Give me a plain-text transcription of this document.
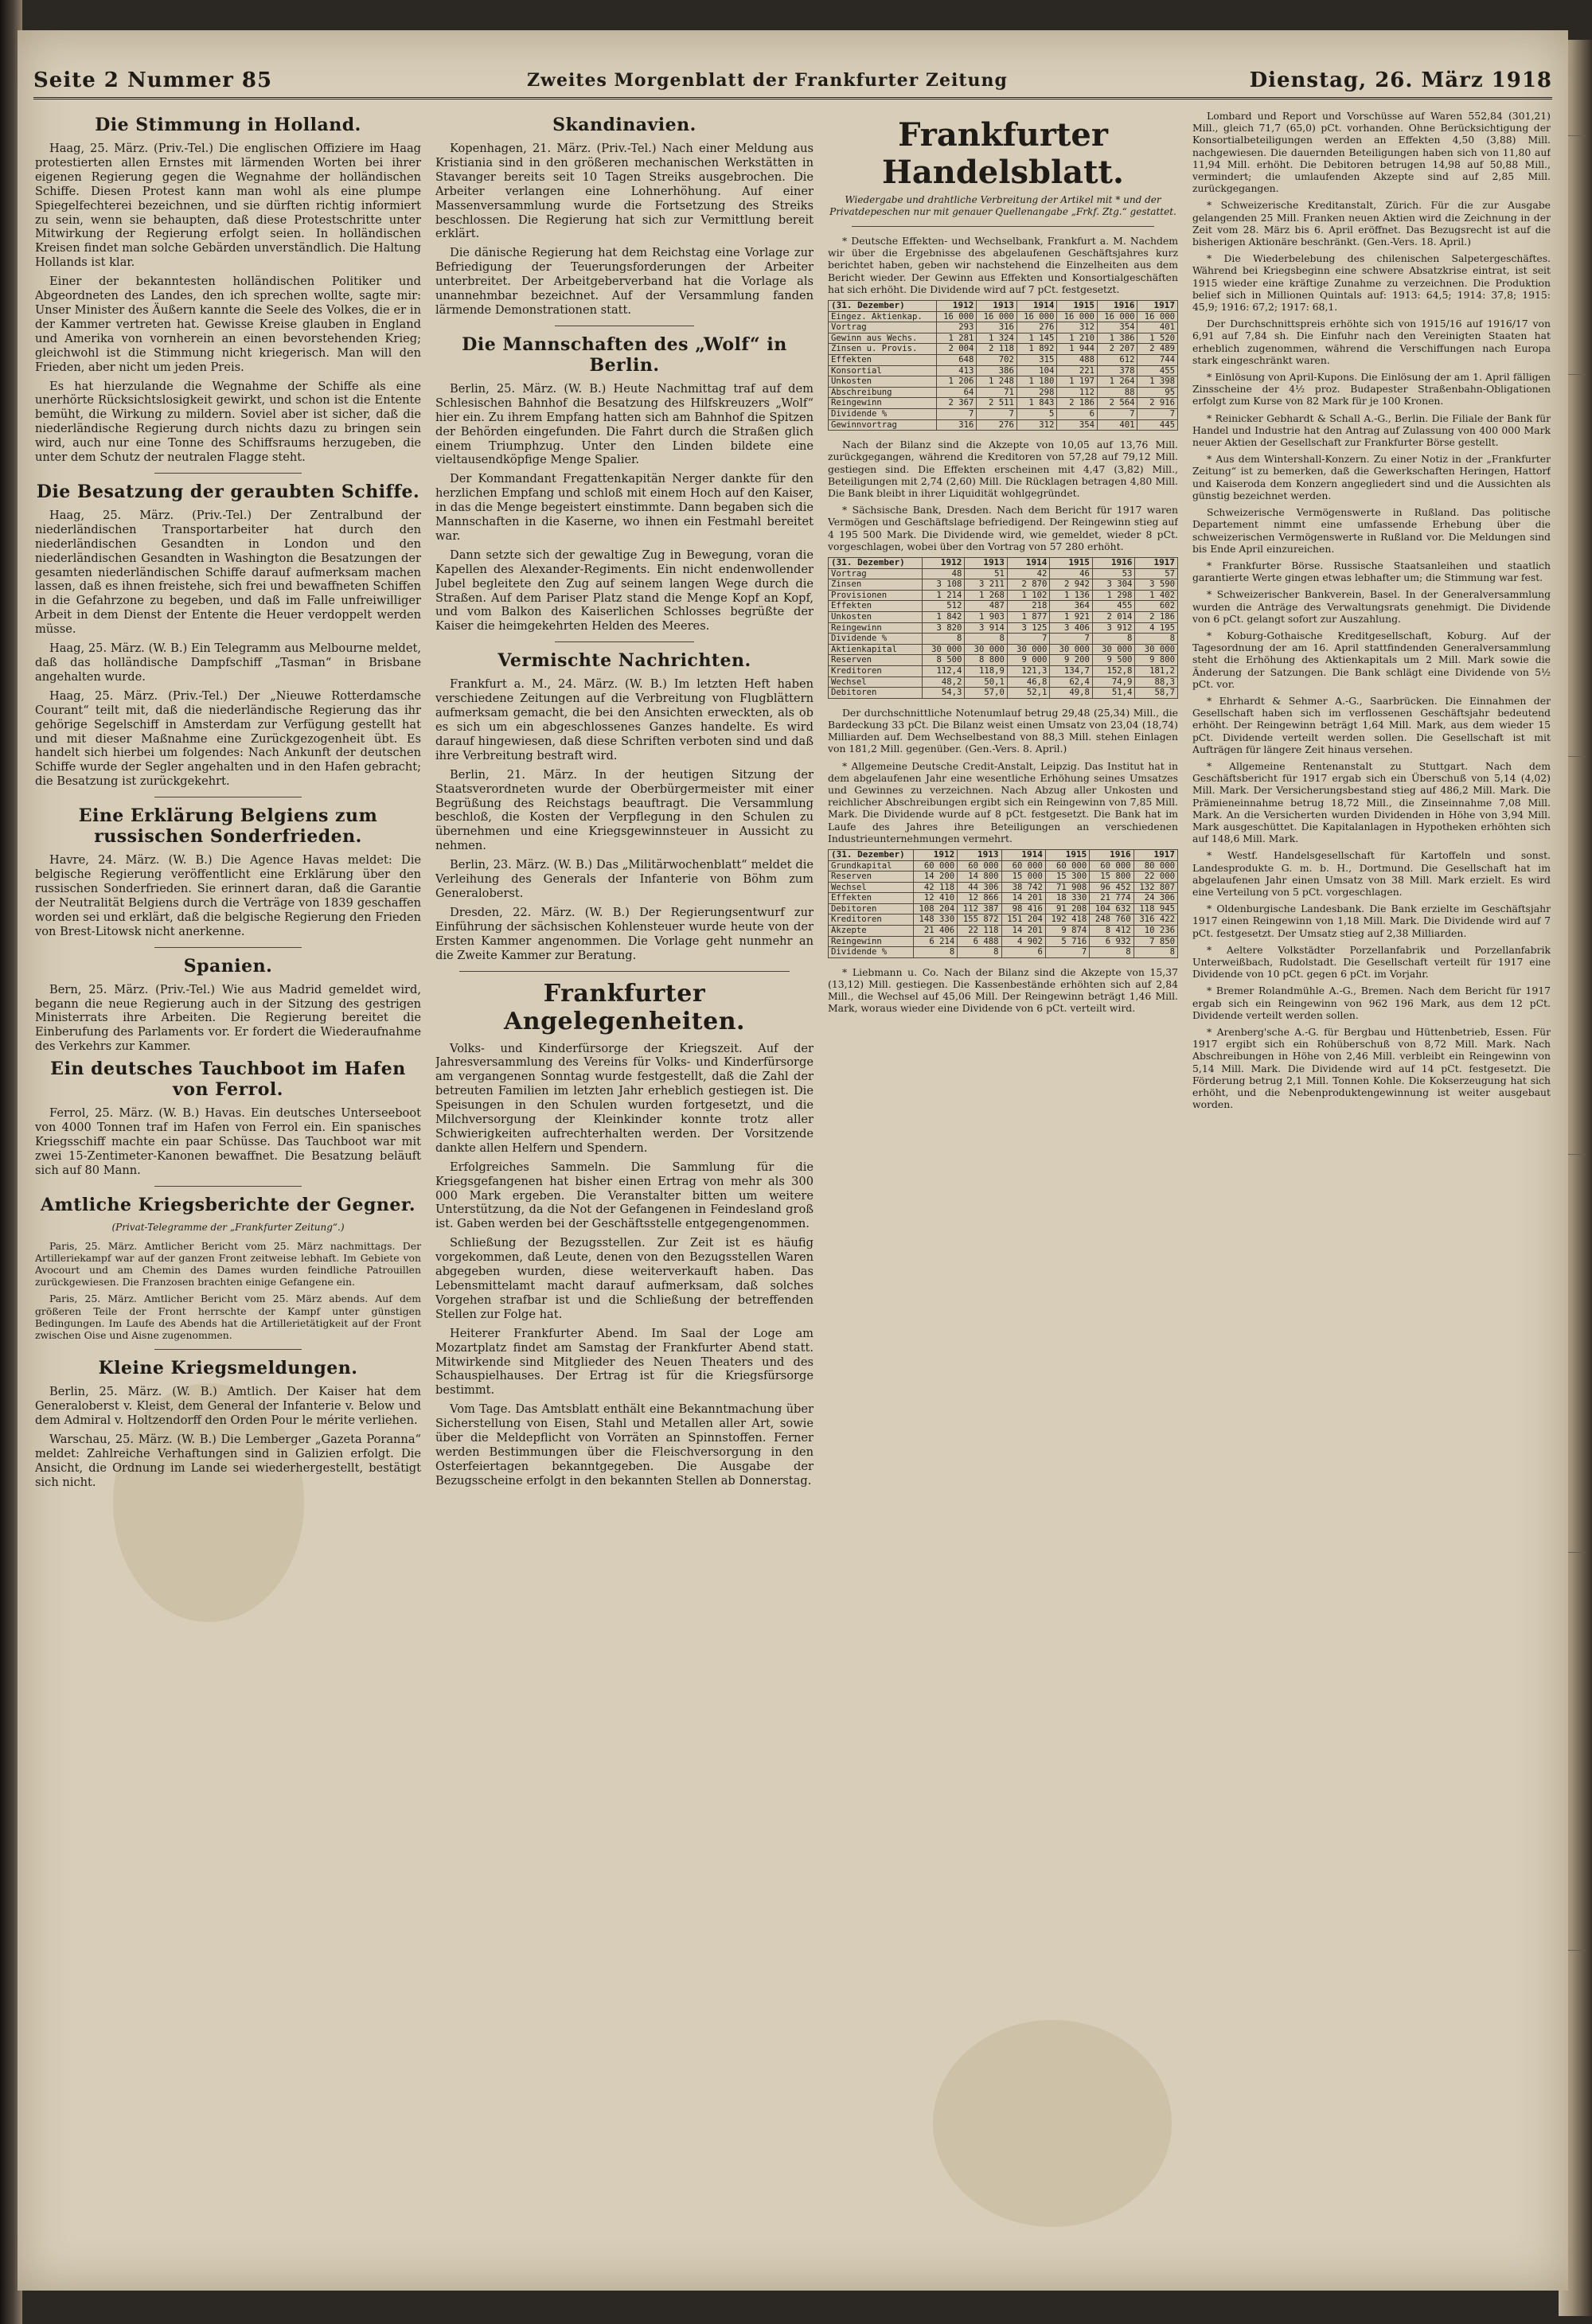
Seite 2 Nummer 85	Zweites Morgenblatt der Frankfurter Zeitung	Dienstag, 26. März 1918
Die Stimmung in Holland.

Haag, 25. März. (Priv.-Tel.) Die englischen Offiziere im Haag protestierten allen Ernstes mit lärmenden Worten bei ihrer eigenen Regierung gegen die Wegnahme der holländischen Schiffe. Diesen Protest kann man wohl als eine plumpe Spiegelfechterei bezeichnen, und sie dürften richtig informiert zu sein, wenn sie behaupten, daß diese Protestschritte unter Mitwirkung der Regierung erfolgt seien. In holländischen Kreisen findet man solche Gebärden unverständlich. Die Haltung Hollands ist klar.

Einer der bekanntesten holländischen Politiker und Abgeordneten des Landes, den ich sprechen wollte, sagte mir: Unser Minister des Äußern kannte die Seele des Volkes, die er in der Kammer vertreten hat. Gewisse Kreise glauben in England und Amerika von vornherein an einen bevorstehenden Krieg; gleichwohl ist die Stimmung nicht kriegerisch. Man will den Frieden, aber nicht um jeden Preis.

Es hat hierzulande die Wegnahme der Schiffe als eine unerhörte Rücksichtslosigkeit gewirkt, und schon ist die Entente bemüht, die Wirkung zu mildern. Soviel aber ist sicher, daß die niederländische Regierung durch nichts dazu zu bringen sein wird, auch nur eine Tonne des Schiffsraums herzugeben, die unter dem Schutz der neutralen Flagge steht.

Die Besatzung der geraubten Schiffe.

Haag, 25. März. (Priv.-Tel.) Der Zentralbund der niederländischen Transportarbeiter hat durch den niederländischen Gesandten in London und den niederländischen Gesandten in Washington die Besatzungen der gesamten niederländischen Schiffe darauf aufmerksam machen lassen, daß es ihnen freistehe, sich frei und bewaffneten Schiffen in die Gefahrzone zu begeben, und daß im Falle unfreiwilliger Arbeit in dem Dienst der Entente die Heuer verdoppelt werden müsse.

Haag, 25. März. (W. B.) Ein Telegramm aus Melbourne meldet, daß das holländische Dampfschiff „Tasman“ in Brisbane angehalten wurde.

Haag, 25. März. (Priv.-Tel.) Der „Nieuwe Rotterdamsche Courant“ teilt mit, daß die niederländische Regierung das ihr gehörige Segelschiff in Amsterdam zur Verfügung gestellt hat und mit dieser Maßnahme eine Zurückgezogenheit übt. Es handelt sich hierbei um folgendes: Nach Ankunft der deutschen Schiffe wurde der Segler angehalten und in den Hafen gebracht; die Besatzung ist zurückgekehrt.

Eine Erklärung Belgiens zum russischen Sonderfrieden.

Havre, 24. März. (W. B.) Die Agence Havas meldet: Die belgische Regierung veröffentlicht eine Erklärung über den russischen Sonderfrieden. Sie erinnert daran, daß die Garantie der Neutralität Belgiens durch die Verträge von 1839 geschaffen worden sei und erklärt, daß die belgische Regierung den Frieden von Brest-Litowsk nicht anerkenne.

Spanien.

Bern, 25. März. (Priv.-Tel.) Wie aus Madrid gemeldet wird, begann die neue Regierung auch in der Sitzung des gestrigen Ministerrats ihre Arbeiten. Die Regierung bereitet die Einberufung des Parlaments vor. Er fordert die Wiederaufnahme des Verkehrs zur Kammer.

Ein deutsches Tauchboot im Hafen von Ferrol.

Ferrol, 25. März. (W. B.) Havas. Ein deutsches Unterseeboot von 4000 Tonnen traf im Hafen von Ferrol ein. Ein spanisches Kriegsschiff machte ein paar Schüsse. Das Tauchboot war mit zwei 15-Zentimeter-Kanonen bewaffnet. Die Besatzung beläuft sich auf 80 Mann.

Amtliche Kriegsberichte der Gegner.
(Privat-Telegramme der „Frankfurter Zeitung“.)

Paris, 25. März. Amtlicher Bericht vom 25. März nachmittags. Der Artilleriekampf war auf der ganzen Front zeitweise lebhaft. Im Gebiete von Avocourt und am Chemin des Dames wurden feindliche Patrouillen zurückgewiesen. Die Franzosen brachten einige Gefangene ein.

Paris, 25. März. Amtlicher Bericht vom 25. März abends. Auf dem größeren Teile der Front herrschte der Kampf unter günstigen Bedingungen. Im Laufe des Abends hat die Artillerietätigkeit auf der Front zwischen Oise und Aisne zugenommen.

Kleine Kriegsmeldungen.

Berlin, 25. März. (W. B.) Amtlich. Der Kaiser hat dem Generaloberst v. Kleist, dem General der Infanterie v. Below und dem Admiral v. Holtzendorff den Orden Pour le mérite verliehen.

Warschau, 25. März. (W. B.) Die Lemberger „Gazeta Poranna“ meldet: Zahlreiche Verhaftungen sind in Galizien erfolgt. Die Ansicht, die Ordnung im Lande sei wiederhergestellt, bestätigt sich nicht.

Skandinavien.

Kopenhagen, 21. März. (Priv.-Tel.) Nach einer Meldung aus Kristiania sind in den größeren mechanischen Werkstätten in Stavanger bereits seit 10 Tagen Streiks ausgebrochen. Die Arbeiter verlangen eine Lohnerhöhung. Auf einer Massenversammlung wurde die Fortsetzung des Streiks beschlossen. Die Regierung hat sich zur Vermittlung bereit erklärt.

Die dänische Regierung hat dem Reichstag eine Vorlage zur Befriedigung der Teuerungsforderungen der Arbeiter unterbreitet. Der Arbeitgeberverband hat die Vorlage als unannehmbar bezeichnet. Auf der Versammlung fanden lärmende Demonstrationen statt.

Die Mannschaften des „Wolf“ in Berlin.

Berlin, 25. März. (W. B.) Heute Nachmittag traf auf dem Schlesischen Bahnhof die Besatzung des Hilfskreuzers „Wolf“ hier ein. Zu ihrem Empfang hatten sich am Bahnhof die Spitzen der Behörden eingefunden. Die Fahrt durch die Straßen glich einem Triumphzug. Unter den Linden bildete eine vieltausendköpfige Menge Spalier.

Der Kommandant Fregattenkapitän Nerger dankte für den herzlichen Empfang und schloß mit einem Hoch auf den Kaiser, in das die Menge begeistert einstimmte. Dann begaben sich die Mannschaften in die Kaserne, wo ihnen ein Festmahl bereitet war.

Dann setzte sich der gewaltige Zug in Bewegung, voran die Kapellen des Alexander-Regiments. Ein nicht endenwollender Jubel begleitete den Zug auf seinem langen Wege durch die Straßen. Auf dem Pariser Platz stand die Menge Kopf an Kopf, und vom Balkon des Kaiserlichen Schlosses begrüßte der Kaiser die heimgekehrten Helden des Meeres.

Vermischte Nachrichten.

Frankfurt a. M., 24. März. (W. B.) Im letzten Heft haben verschiedene Zeitungen auf die Verbreitung von Flugblättern aufmerksam gemacht, die bei den Ansichten erweckten, als ob es sich um ein abgeschlossenes Ganzes handelte. Es wird darauf hingewiesen, daß diese Schriften verboten sind und daß ihre Verbreitung bestraft wird.

Berlin, 21. März. In der heutigen Sitzung der Staatsverordneten wurde der Oberbürgermeister mit einer Begrüßung des Reichstags beauftragt. Die Versammlung beschloß, die Kosten der Verpflegung in den Schulen zu übernehmen und eine Kriegsgewinnsteuer in Aussicht zu nehmen.

Berlin, 23. März. (W. B.) Das „Militärwochenblatt“ meldet die Verleihung des Generals der Infanterie von Böhm zum Generaloberst.

Dresden, 22. März. (W. B.) Der Regierungsentwurf zur Einführung der sächsischen Kohlensteuer wurde heute von der Ersten Kammer angenommen. Die Vorlage geht nunmehr an die Zweite Kammer zur Beratung.

Frankfurter Angelegenheiten.

Volks- und Kinderfürsorge der Kriegszeit. Auf der Jahresversammlung des Vereins für Volks- und Kinderfürsorge am vergangenen Sonntag wurde festgestellt, daß die Zahl der betreuten Familien im letzten Jahr erheblich gestiegen ist. Die Speisungen in den Schulen wurden fortgesetzt, und die Milchversorgung der Kleinkinder konnte trotz aller Schwierigkeiten aufrechterhalten werden. Der Vorsitzende dankte allen Helfern und Spendern.

Erfolgreiches Sammeln. Die Sammlung für die Kriegsgefangenen hat bisher einen Ertrag von mehr als 300 000 Mark ergeben. Die Veranstalter bitten um weitere Unterstützung, da die Not der Gefangenen in Feindesland groß ist. Gaben werden bei der Geschäftsstelle entgegengenommen.

Schließung der Bezugsstellen. Zur Zeit ist es häufig vorgekommen, daß Leute, denen von den Bezugsstellen Waren abgegeben wurden, diese weiterverkauft haben. Das Lebensmittelamt macht darauf aufmerksam, daß solches Vorgehen strafbar ist und die Schließung der betreffenden Stellen zur Folge hat.

Heiterer Frankfurter Abend. Im Saal der Loge am Mozartplatz findet am Samstag der Frankfurter Abend statt. Mitwirkende sind Mitglieder des Neuen Theaters und des Schauspielhauses. Der Ertrag ist für die Kriegsfürsorge bestimmt.

Vom Tage. Das Amtsblatt enthält eine Bekanntmachung über Sicherstellung von Eisen, Stahl und Metallen aller Art, sowie über die Meldepflicht von Vorräten an Spinnstoffen. Ferner werden Bestimmungen über die Fleischversorgung in den Osterfeiertagen bekanntgegeben. Die Ausgabe der Bezugsscheine erfolgt in den bekannten Stellen ab Donnerstag.

Frankfurter Handelsblatt.
Wiedergabe und drahtliche Verbreitung der Artikel mit * und der Privatdepeschen nur mit genauer Quellenangabe „Frkf. Ztg.“ gestattet.

* Deutsche Effekten- und Wechselbank, Frankfurt a. M. Nachdem wir über die Ergebnisse des abgelaufenen Geschäftsjahres kurz berichtet haben, geben wir nachstehend die Einzelheiten aus dem Bericht wieder. Der Gewinn aus Effekten und Konsortialgeschäften hat sich erhöht. Die Dividende wird auf 7 pCt. festgesetzt.

(31. Dezember)	1912	1913	1914	1915	1916	1917
Eingez. Aktienkap.	16 000	16 000	16 000	16 000	16 000	16 000
Vortrag	293	316	276	312	354	401
Gewinn aus Wechs.	1 281	1 324	1 145	1 210	1 386	1 520
Zinsen u. Provis.	2 004	2 118	1 892	1 944	2 207	2 489
Effekten	648	702	315	488	612	744
Konsortial	413	386	104	221	378	455
Unkosten	1 206	1 248	1 180	1 197	1 264	1 398
Abschreibung	64	71	298	112	88	95
Reingewinn	2 367	2 511	1 843	2 186	2 564	2 916
Dividende %	7	7	5	6	7	7
Gewinnvortrag	316	276	312	354	401	445

Nach der Bilanz sind die Akzepte von 10,05 auf 13,76 Mill. zurückgegangen, während die Kreditoren von 57,28 auf 79,12 Mill. gestiegen sind. Die Effekten erscheinen mit 4,47 (3,82) Mill., Beteiligungen mit 2,74 (2,60) Mill. Die Rücklagen betragen 4,80 Mill. Die Bank bleibt in ihrer Liquidität wohlgegründet.

* Sächsische Bank, Dresden. Nach dem Bericht für 1917 waren Vermögen und Geschäftslage befriedigend. Der Reingewinn stieg auf 4 195 500 Mark. Die Dividende wird, wie gemeldet, wieder 8 pCt. vorgeschlagen, wobei über den Vortrag von 57 280 erhöht.

(31. Dezember)	1912	1913	1914	1915	1916	1917
Vortrag	48	51	42	46	53	57
Zinsen	3 108	3 211	2 870	2 942	3 304	3 590
Provisionen	1 214	1 268	1 102	1 136	1 298	1 402
Effekten	512	487	218	364	455	602
Unkosten	1 842	1 903	1 877	1 921	2 014	2 186
Reingewinn	3 820	3 914	3 125	3 406	3 912	4 195
Dividende %	8	8	7	7	8	8
Aktienkapital	30 000	30 000	30 000	30 000	30 000	30 000
Reserven	8 500	8 800	9 000	9 200	9 500	9 800
Kreditoren	112,4	118,9	121,3	134,7	152,8	181,2
Wechsel	48,2	50,1	46,8	62,4	74,9	88,3
Debitoren	54,3	57,0	52,1	49,8	51,4	58,7

Der durchschnittliche Notenumlauf betrug 29,48 (25,34) Mill., die Bardeckung 33 pCt. Die Bilanz weist einen Umsatz von 23,04 (18,74) Milliarden auf. Dem Wechselbestand von 88,3 Mill. stehen Einlagen von 181,2 Mill. gegenüber. (Gen.-Vers. 8. April.)

* Allgemeine Deutsche Credit-Anstalt, Leipzig. Das Institut hat in dem abgelaufenen Jahr eine wesentliche Erhöhung seines Umsatzes und Gewinnes zu verzeichnen. Nach Abzug aller Unkosten und reichlicher Abschreibungen ergibt sich ein Reingewinn von 7,85 Mill. Mark. Die Dividende wurde auf 8 pCt. festgesetzt. Die Bank hat im Laufe des Jahres ihre Beteiligungen an verschiedenen Industrieunternehmungen vermehrt.

(31. Dezember)	1912	1913	1914	1915	1916	1917
Grundkapital	60 000	60 000	60 000	60 000	60 000	80 000
Reserven	14 200	14 800	15 000	15 300	15 800	22 000
Wechsel	42 118	44 306	38 742	71 908	96 452	132 807
Effekten	12 410	12 866	14 201	18 330	21 774	24 306
Debitoren	108 204	112 387	98 416	91 208	104 632	118 945
Kreditoren	148 330	155 872	151 204	192 418	248 760	316 422
Akzepte	21 406	22 118	14 201	9 874	8 412	10 236
Reingewinn	6 214	6 488	4 902	5 716	6 932	7 850
Dividende %	8	8	6	7	8	8

* Liebmann u. Co. Nach der Bilanz sind die Akzepte von 15,37 (13,12) Mill. gestiegen. Die Kassenbestände erhöhten sich auf 2,84 Mill., die Wechsel auf 45,06 Mill. Der Reingewinn beträgt 1,46 Mill. Mark, woraus wieder eine Dividende von 6 pCt. verteilt wird.

Lombard und Report und Vorschüsse auf Waren 552,84 (301,21) Mill., gleich 71,7 (65,0) pCt. vorhanden. Ohne Berücksichtigung der Konsortialbeteiligungen werden an Effekten 4,50 (3,88) Mill. nachgewiesen. Die dauernden Beteiligungen haben sich von 11,80 auf 11,94 Mill. erhöht. Die Debitoren betrugen 14,98 auf 50,88 Mill., vermindert; die umlaufenden Akzepte sind auf 2,85 Mill. zurückgegangen.

* Schweizerische Kreditanstalt, Zürich. Für die zur Ausgabe gelangenden 25 Mill. Franken neuen Aktien wird die Zeichnung in der Zeit vom 28. März bis 6. April eröffnet. Das Bezugsrecht ist auf die bisherigen Aktionäre beschränkt. (Gen.-Vers. 18. April.)

* Die Wiederbelebung des chilenischen Salpetergeschäftes. Während bei Kriegsbeginn eine schwere Absatzkrise eintrat, ist seit 1915 wieder eine kräftige Zunahme zu verzeichnen. Die Produktion belief sich in Millionen Quintals auf: 1913: 64,5; 1914: 37,8; 1915: 45,9; 1916: 67,2; 1917: 68,1.

Der Durchschnittspreis erhöhte sich von 1915/16 auf 1916/17 von 6,91 auf 7,84 sh. Die Einfuhr nach den Vereinigten Staaten hat erheblich zugenommen, während die Verschiffungen nach Europa stark eingeschränkt waren.

* Einlösung von April-Kupons. Die Einlösung der am 1. April fälligen Zinsscheine der 4½ proz. Budapester Straßenbahn-Obligationen erfolgt zum Kurse von 82 Mark für je 100 Kronen.

* Reinicker Gebhardt & Schall A.-G., Berlin. Die Filiale der Bank für Handel und Industrie hat den Antrag auf Zulassung von 400 000 Mark neuer Aktien der Gesellschaft zur Frankfurter Börse gestellt.

* Aus dem Wintershall-Konzern. Zu einer Notiz in der „Frankfurter Zeitung“ ist zu bemerken, daß die Gewerkschaften Heringen, Hattorf und Kaiseroda dem Konzern angegliedert sind und die Aussichten als günstig bezeichnet werden.

Schweizerische Vermögenswerte in Rußland. Das politische Departement nimmt eine umfassende Erhebung über die schweizerischen Vermögenswerte in Rußland vor. Die Meldungen sind bis Ende April einzureichen.

* Frankfurter Börse. Russische Staatsanleihen und staatlich garantierte Werte gingen etwas lebhafter um; die Stimmung war fest.

* Schweizerischer Bankverein, Basel. In der Generalversammlung wurden die Anträge des Verwaltungsrats genehmigt. Die Dividende von 6 pCt. gelangt sofort zur Auszahlung.

* Koburg-Gothaische Kreditgesellschaft, Koburg. Auf der Tagesordnung der am 16. April stattfindenden Generalversammlung steht die Erhöhung des Aktienkapitals um 2 Mill. Mark sowie die Änderung der Satzungen. Die Bank schlägt eine Dividende von 5½ pCt. vor.

* Ehrhardt & Sehmer A.-G., Saarbrücken. Die Einnahmen der Gesellschaft haben sich im verflossenen Geschäftsjahr bedeutend erhöht. Der Reingewinn beträgt 1,64 Mill. Mark, aus dem wieder 15 pCt. Dividende verteilt werden sollen. Die Gesellschaft ist mit Aufträgen für längere Zeit hinaus versehen.

* Allgemeine Rentenanstalt zu Stuttgart. Nach dem Geschäftsbericht für 1917 ergab sich ein Überschuß von 5,14 (4,02) Mill. Mark. Der Versicherungsbestand stieg auf 486,2 Mill. Mark. Die Prämieneinnahme betrug 18,72 Mill., die Zinseinnahme 7,08 Mill. Mark. An die Versicherten wurden Dividenden in Höhe von 3,94 Mill. Mark ausgeschüttet. Die Kapitalanlagen in Hypotheken erhöhten sich auf 148,6 Mill. Mark.

* Westf. Handelsgesellschaft für Kartoffeln und sonst. Landesprodukte G. m. b. H., Dortmund. Die Gesellschaft hat im abgelaufenen Jahr einen Umsatz von 38 Mill. Mark erzielt. Es wird eine Verteilung von 5 pCt. vorgeschlagen.

* Oldenburgische Landesbank. Die Bank erzielte im Geschäftsjahr 1917 einen Reingewinn von 1,18 Mill. Mark. Die Dividende wird auf 7 pCt. festgesetzt. Der Umsatz stieg auf 2,38 Milliarden.

* Aeltere Volkstädter Porzellanfabrik und Porzellanfabrik Unterweißbach, Rudolstadt. Die Gesellschaft verteilt für 1917 eine Dividende von 10 pCt. gegen 6 pCt. im Vorjahr.

* Bremer Rolandmühle A.-G., Bremen. Nach dem Bericht für 1917 ergab sich ein Reingewinn von 962 196 Mark, aus dem 12 pCt. Dividende verteilt werden sollen.

* Arenberg'sche A.-G. für Bergbau und Hüttenbetrieb, Essen. Für 1917 ergibt sich ein Rohüberschuß von 8,72 Mill. Mark. Nach Abschreibungen in Höhe von 2,46 Mill. verbleibt ein Reingewinn von 5,14 Mill. Mark. Die Dividende wird auf 14 pCt. festgesetzt. Die Förderung betrug 2,1 Mill. Tonnen Kohle. Die Kokserzeugung hat sich erhöht, und die Nebenproduktengewinnung ist weiter ausgebaut worden.
